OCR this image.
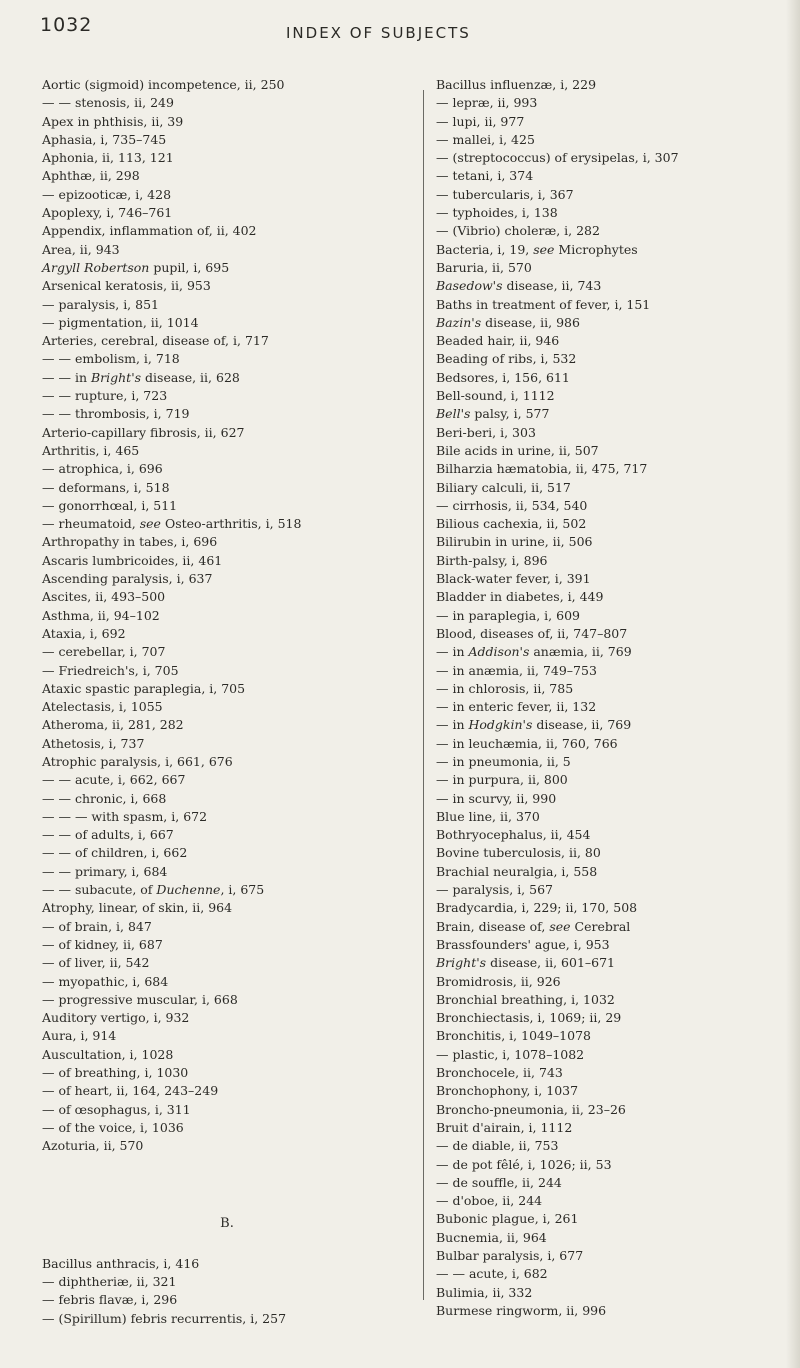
1032	INDEX OF SUBJECTS
Aortic (sigmoid) incompetence, ii, 250
— — stenosis, ii, 249
Apex in phthisis, ii, 39
Aphasia, i, 735–745
Aphonia, ii, 113, 121
Aphthæ, ii, 298
— epizooticæ, i, 428
Apoplexy, i, 746–761
Appendix, inflammation of, ii, 402
Area, ii, 943
Argyll Robertson pupil, i, 695
Arsenical keratosis, ii, 953
— paralysis, i, 851
— pigmentation, ii, 1014
Arteries, cerebral, disease of, i, 717
— — embolism, i, 718
— — in Bright's disease, ii, 628
— — rupture, i, 723
— — thrombosis, i, 719
Arterio-capillary fibrosis, ii, 627
Arthritis, i, 465
— atrophica, i, 696
— deformans, i, 518
— gonorrhœal, i, 511
— rheumatoid, see Osteo-arthritis, i, 518
Arthropathy in tabes, i, 696
Ascaris lumbricoides, ii, 461
Ascending paralysis, i, 637
Ascites, ii, 493–500
Asthma, ii, 94–102
Ataxia, i, 692
— cerebellar, i, 707
— Friedreich's, i, 705
Ataxic spastic paraplegia, i, 705
Atelectasis, i, 1055
Atheroma, ii, 281, 282
Athetosis, i, 737
Atrophic paralysis, i, 661, 676
— — acute, i, 662, 667
— — chronic, i, 668
— — — with spasm, i, 672
— — of adults, i, 667
— — of children, i, 662
— — primary, i, 684
— — subacute, of Duchenne, i, 675
Atrophy, linear, of skin, ii, 964
— of brain, i, 847
— of kidney, ii, 687
— of liver, ii, 542
— myopathic, i, 684
— progressive muscular, i, 668
Auditory vertigo, i, 932
Aura, i, 914
Auscultation, i, 1028
— of breathing, i, 1030
— of heart, ii, 164, 243–249
— of œsophagus, i, 311
— of the voice, i, 1036
Azoturia, ii, 570
B.
Bacillus anthracis, i, 416
— diphtheriæ, ii, 321
— febris flavæ, i, 296
— (Spirillum) febris recurrentis, i, 257
Bacillus influenzæ, i, 229
— lepræ, ii, 993
— lupi, ii, 977
— mallei, i, 425
— (streptococcus) of erysipelas, i, 307
— tetani, i, 374
— tubercularis, i, 367
— typhoides, i, 138
— (Vibrio) choleræ, i, 282
Bacteria, i, 19, see Microphytes
Baruria, ii, 570
Basedow's disease, ii, 743
Baths in treatment of fever, i, 151
Bazin's disease, ii, 986
Beaded hair, ii, 946
Beading of ribs, i, 532
Bedsores, i, 156, 611
Bell-sound, i, 1112
Bell's palsy, i, 577
Beri-beri, i, 303
Bile acids in urine, ii, 507
Bilharzia hæmatobia, ii, 475, 717
Biliary calculi, ii, 517
— cirrhosis, ii, 534, 540
Bilious cachexia, ii, 502
Bilirubin in urine, ii, 506
Birth-palsy, i, 896
Black-water fever, i, 391
Bladder in diabetes, i, 449
— in paraplegia, i, 609
Blood, diseases of, ii, 747–807
— in Addison's anæmia, ii, 769
— in anæmia, ii, 749–753
— in chlorosis, ii, 785
— in enteric fever, ii, 132
— in Hodgkin's disease, ii, 769
— in leuchæmia, ii, 760, 766
— in pneumonia, ii, 5
— in purpura, ii, 800
— in scurvy, ii, 990
Blue line, ii, 370
Bothryocephalus, ii, 454
Bovine tuberculosis, ii, 80
Brachial neuralgia, i, 558
— paralysis, i, 567
Bradycardia, i, 229; ii, 170, 508
Brain, disease of, see Cerebral
Brassfounders' ague, i, 953
Bright's disease, ii, 601–671
Bromidrosis, ii, 926
Bronchial breathing, i, 1032
Bronchiectasis, i, 1069; ii, 29
Bronchitis, i, 1049–1078
— plastic, i, 1078–1082
Bronchocele, ii, 743
Bronchophony, i, 1037
Broncho-pneumonia, ii, 23–26
Bruit d'airain, i, 1112
— de diable, ii, 753
— de pot fêlé, i, 1026; ii, 53
— de souffle, ii, 244
— d'oboe, ii, 244
Bubonic plague, i, 261
Bucnemia, ii, 964
Bulbar paralysis, i, 677
— — acute, i, 682
Bulimia, ii, 332
Burmese ringworm, ii, 996
